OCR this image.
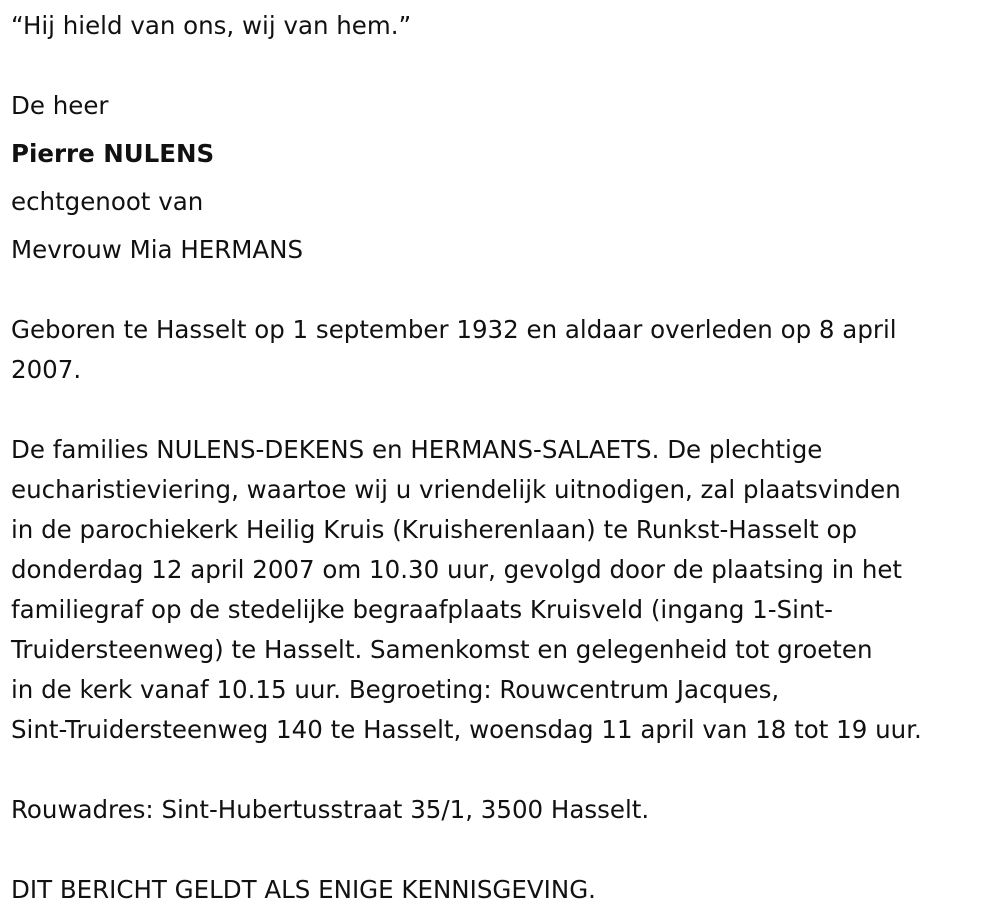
“Hij hield van ons, wij van hem.”
De heer
Pierre NULENS
echtgenoot van
Mevrouw Mia HERMANS
Geboren te Hasselt op 1 september 1932 en aldaar overleden op 8 april 2007.
De families NULENS-DEKENS en HERMANS-SALAETS. De plechtige
eucharistieviering, waartoe wij u vriendelijk uitnodigen, zal plaatsvinden
in de parochiekerk Heilig Kruis (Kruisherenlaan) te Runkst-Hasselt op
donderdag 12 april 2007 om 10.30 uur, gevolgd door de plaatsing in het
familiegraf op de stedelijke begraafplaats Kruisveld (ingang 1-Sint-
Truidersteenweg) te Hasselt. Samenkomst en gelegenheid tot groeten
in de kerk vanaf 10.15 uur. Begroeting: Rouwcentrum Jacques,
Sint-Truidersteenweg 140 te Hasselt, woensdag 11 april van 18 tot 19 uur.
Rouwadres: Sint-Hubertusstraat 35/1, 3500 Hasselt.
DIT BERICHT GELDT ALS ENIGE KENNISGEVING.
